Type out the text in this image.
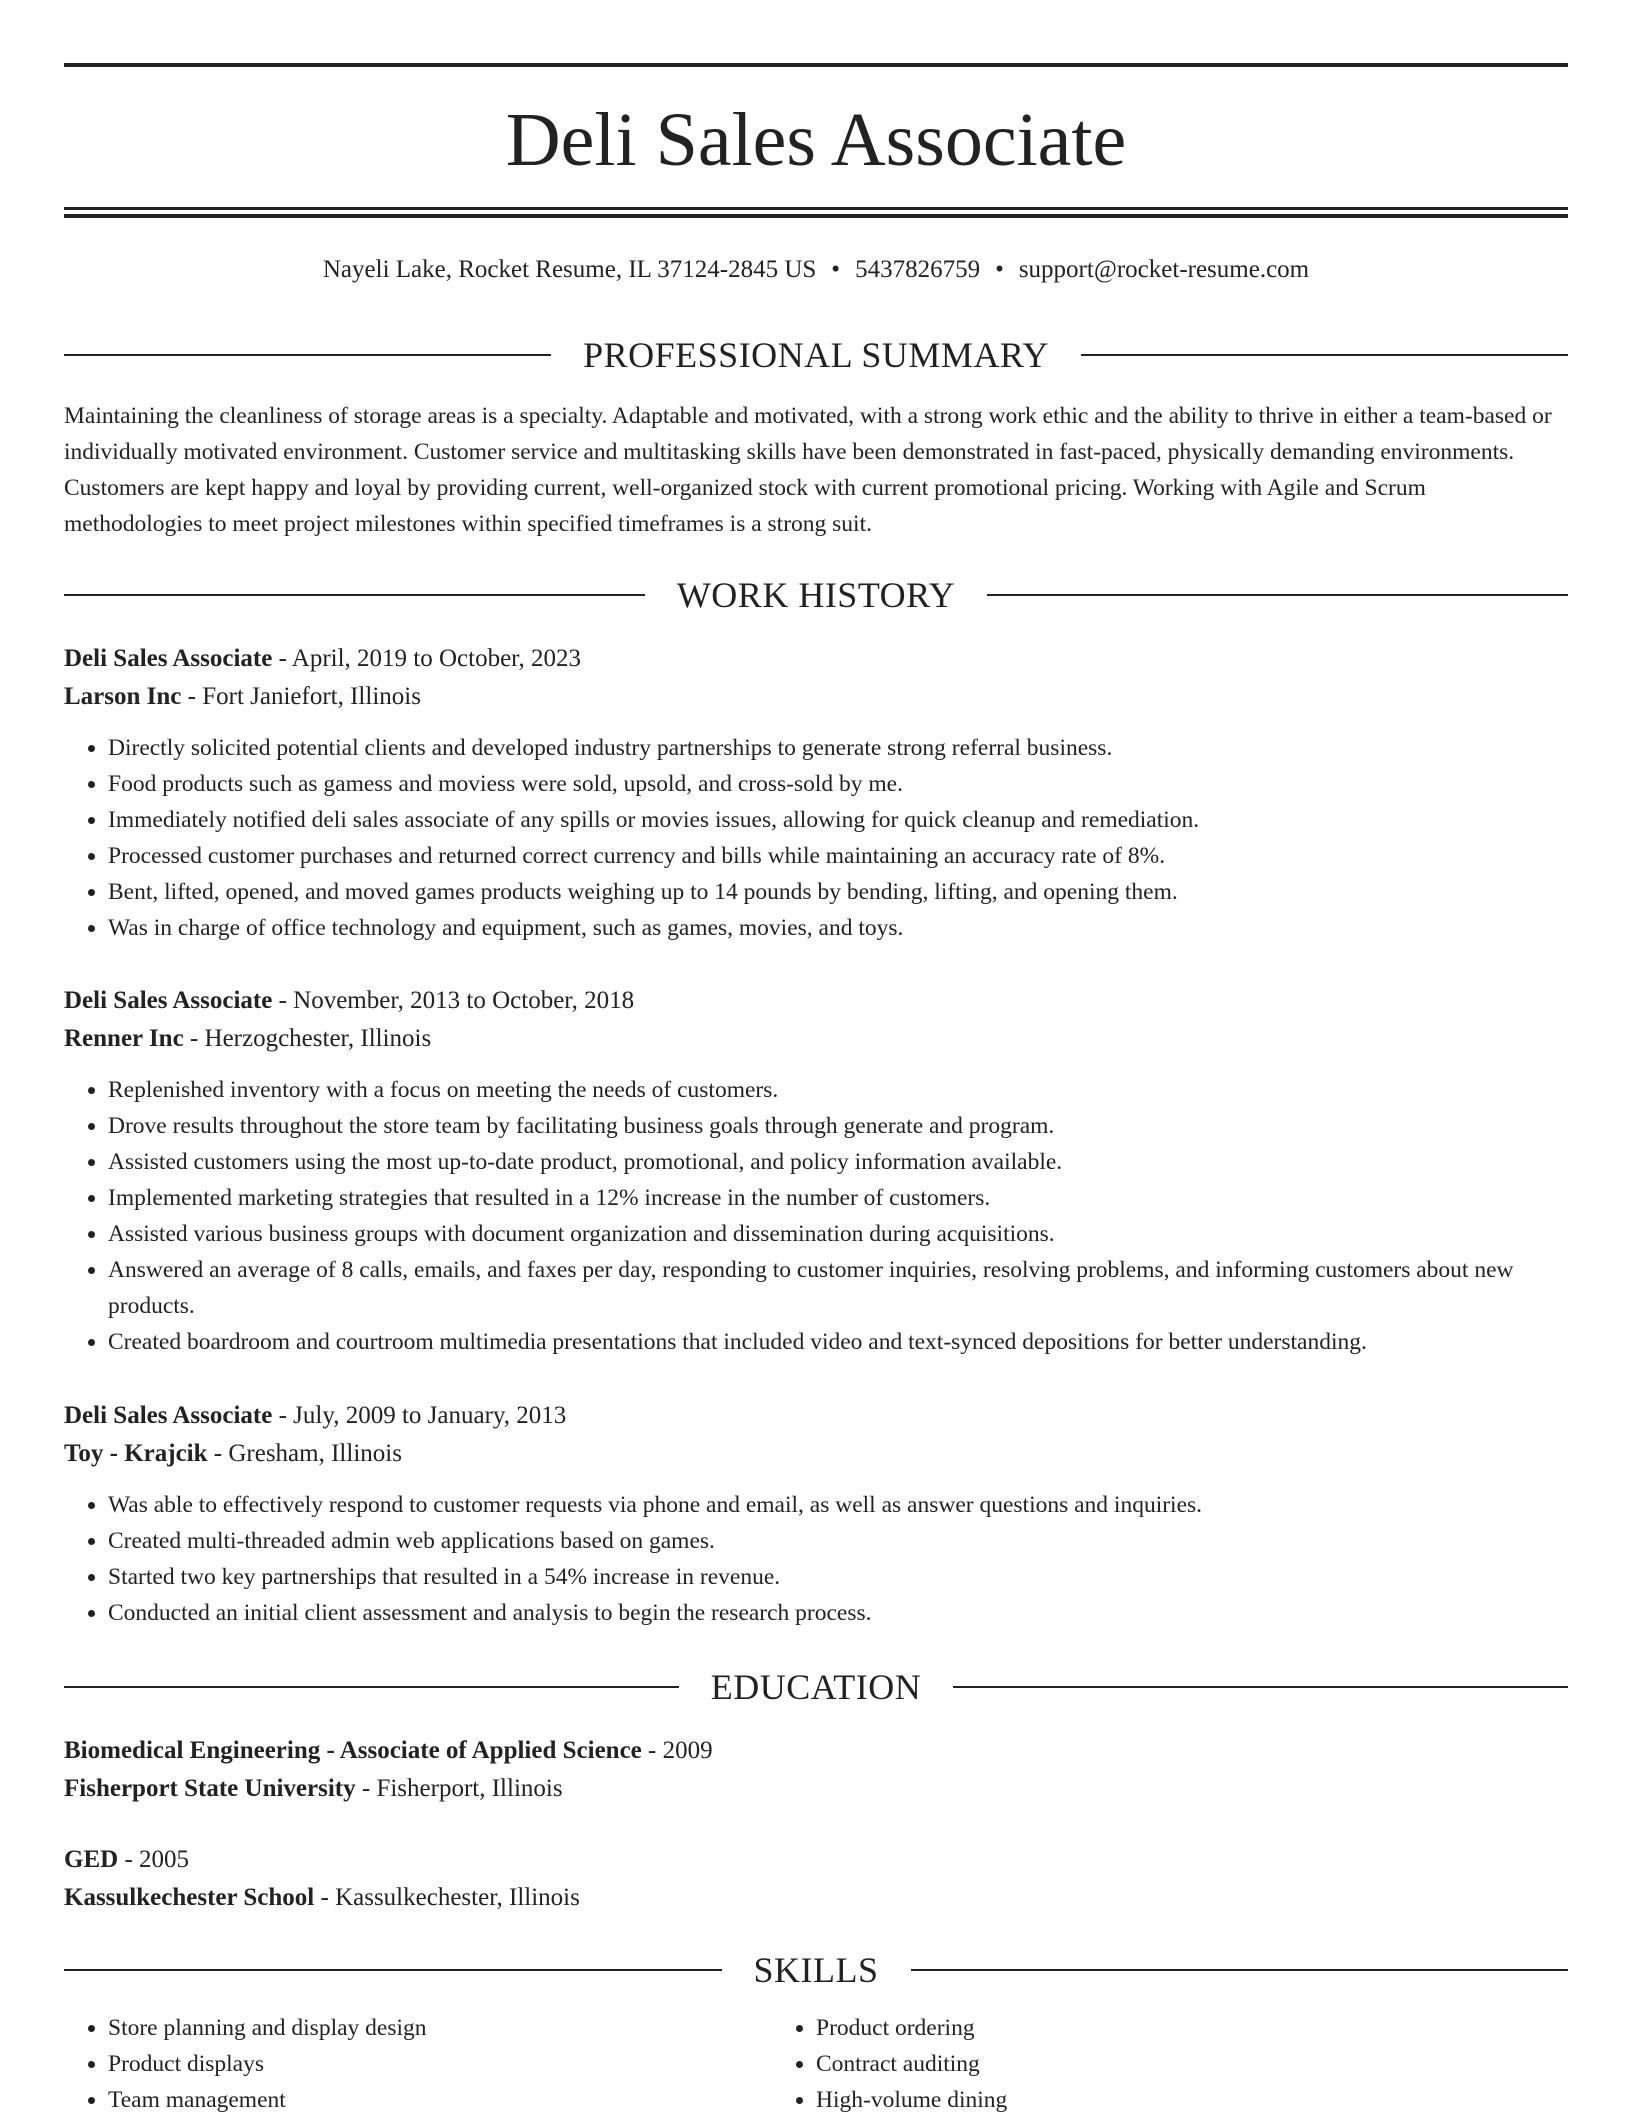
Deli Sales Associate
Nayeli Lake, Rocket Resume, IL 37124-2845 US • 5437826759 • support@rocket-resume.com
PROFESSIONAL SUMMARY

Maintaining the cleanliness of storage areas is a specialty. Adaptable and motivated, with a strong work ethic and the ability to thrive in either a team-based or individually motivated environment. Customer service and multitasking skills have been demonstrated in fast-paced, physically demanding environments. Customers are kept happy and loyal by providing current, well-organized stock with current promotional pricing. Working with Agile and Scrum methodologies to meet project milestones within specified timeframes is a strong suit.

WORK HISTORY
Deli Sales Associate - April, 2019 to October, 2023
Larson Inc - Fort Janiefort, Illinois
• Directly solicited potential clients and developed industry partnerships to generate strong referral business.
• Food products such as gamess and moviess were sold, upsold, and cross-sold by me.
• Immediately notified deli sales associate of any spills or movies issues, allowing for quick cleanup and remediation.
• Processed customer purchases and returned correct currency and bills while maintaining an accuracy rate of 8%.
• Bent, lifted, opened, and moved games products weighing up to 14 pounds by bending, lifting, and opening them.
• Was in charge of office technology and equipment, such as games, movies, and toys.
Deli Sales Associate - November, 2013 to October, 2018
Renner Inc - Herzogchester, Illinois
• Replenished inventory with a focus on meeting the needs of customers.
• Drove results throughout the store team by facilitating business goals through generate and program.
• Assisted customers using the most up-to-date product, promotional, and policy information available.
• Implemented marketing strategies that resulted in a 12% increase in the number of customers.
• Assisted various business groups with document organization and dissemination during acquisitions.
• Answered an average of 8 calls, emails, and faxes per day, responding to customer inquiries, resolving problems, and informing customers about new products.
• Created boardroom and courtroom multimedia presentations that included video and text-synced depositions for better understanding.
Deli Sales Associate - July, 2009 to January, 2013
Toy - Krajcik - Gresham, Illinois
• Was able to effectively respond to customer requests via phone and email, as well as answer questions and inquiries.
• Created multi-threaded admin web applications based on games.
• Started two key partnerships that resulted in a 54% increase in revenue.
• Conducted an initial client assessment and analysis to begin the research process.
EDUCATION
Biomedical Engineering - Associate of Applied Science - 2009
Fisherport State University - Fisherport, Illinois
GED - 2005
Kassulkechester School - Kassulkechester, Illinois
SKILLS
• Store planning and display design
• Product displays
• Team management
• Product ordering
• Contract auditing
• High-volume dining
